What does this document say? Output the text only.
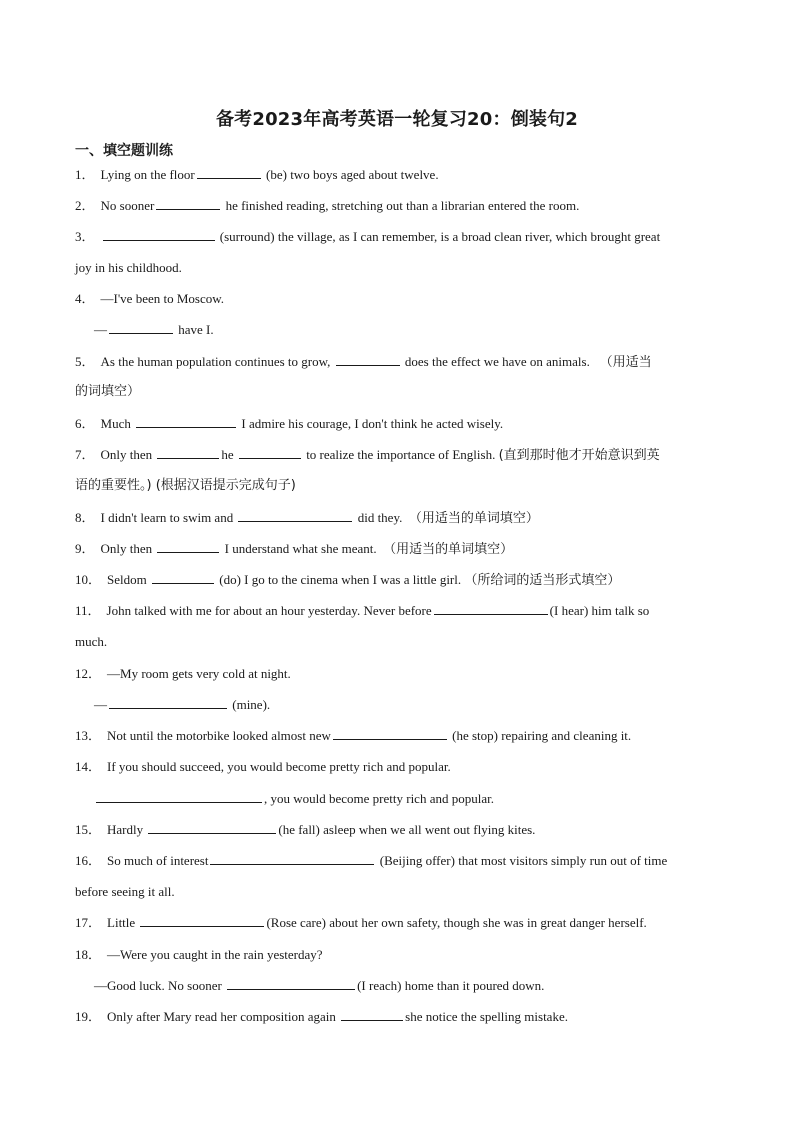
备考2023年高考英语一轮复习20：倒装句2
一、填空题训练
1． Lying on the floor	(be) two boys aged about twelve.
2． No sooner	he finished reading, stretching out than a librarian entered the room.
3．	(surround) the village, as I can remember, is a broad clean river, which brought great
joy in his childhood.
4． —I've been to Moscow.
—	have I.
5． As the human population continues to grow,	does the effect we have on animals. （用适当
的词填空）
6． Much	I admire his courage, I don't think he acted wisely.
7． Only then	he	to realize the importance of English. (直到那时他才开始意识到英
语的重要性。) (根据汉语提示完成句子)
8． I didn't learn to swim and	did they. （用适当的单词填空）
9． Only then	I understand what she meant. （用适当的单词填空）
10． Seldom	(do) I go to the cinema when I was a little girl. （所给词的适当形式填空）
11． John talked with me for about an hour yesterday. Never before	(I hear) him talk so
much.
12． —My room gets very cold at night.
—	(mine).
13． Not until the motorbike looked almost new	(he stop) repairing and cleaning it.
14． If you should succeed, you would become pretty rich and popular.
, you would become pretty rich and popular.
15． Hardly	(he fall) asleep when we all went out flying kites.
16． So much of interest	(Beijing offer) that most visitors simply run out of time
before seeing it all.
17． Little	(Rose care) about her own safety, though she was in great danger herself.
18． —Were you caught in the rain yesterday?
—Good luck. No sooner	(I reach) home than it poured down.
19． Only after Mary read her composition again	she notice the spelling mistake.
